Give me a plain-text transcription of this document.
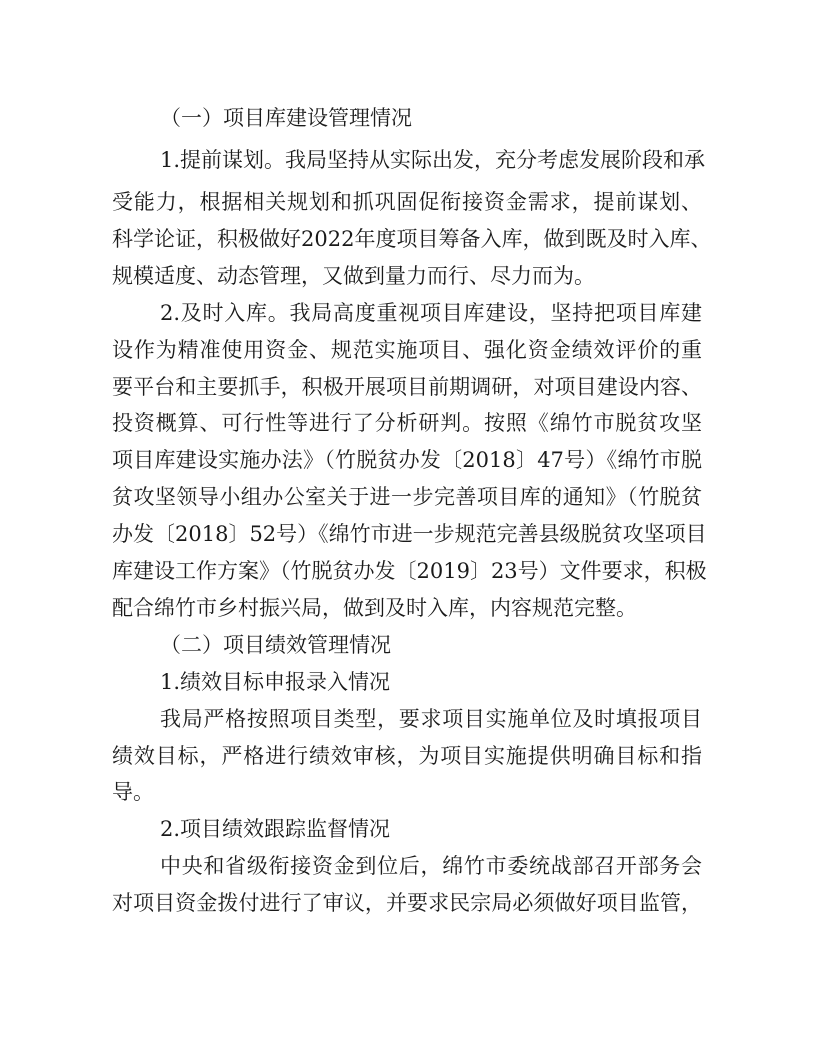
（一）项目库建设管理情况
1.提前谋划。我局坚持从实际出发，充分考虑发展阶段和承
受能力，根据相关规划和抓巩固促衔接资金需求，提前谋划、
科学论证，积极做好2022年度项目筹备入库，做到既及时入库、
规模适度、动态管理，又做到量力而行、尽力而为。
2.及时入库。我局高度重视项目库建设，坚持把项目库建
设作为精准使用资金、规范实施项目、强化资金绩效评价的重
要平台和主要抓手，积极开展项目前期调研，对项目建设内容、
投资概算、可行性等进行了分析研判。按照《绵竹市脱贫攻坚
项目库建设实施办法》（竹脱贫办发〔2018〕47号）《绵竹市脱
贫攻坚领导小组办公室关于进一步完善项目库的通知》（竹脱贫
办发〔2018〕52号）《绵竹市进一步规范完善县级脱贫攻坚项目
库建设工作方案》（竹脱贫办发〔2019〕23号）文件要求，积极
配合绵竹市乡村振兴局，做到及时入库，内容规范完整。
（二）项目绩效管理情况
1.绩效目标申报录入情况
我局严格按照项目类型，要求项目实施单位及时填报项目
绩效目标，严格进行绩效审核，为项目实施提供明确目标和指
导。
2.项目绩效跟踪监督情况
中央和省级衔接资金到位后，绵竹市委统战部召开部务会
对项目资金拨付进行了审议，并要求民宗局必须做好项目监管，
